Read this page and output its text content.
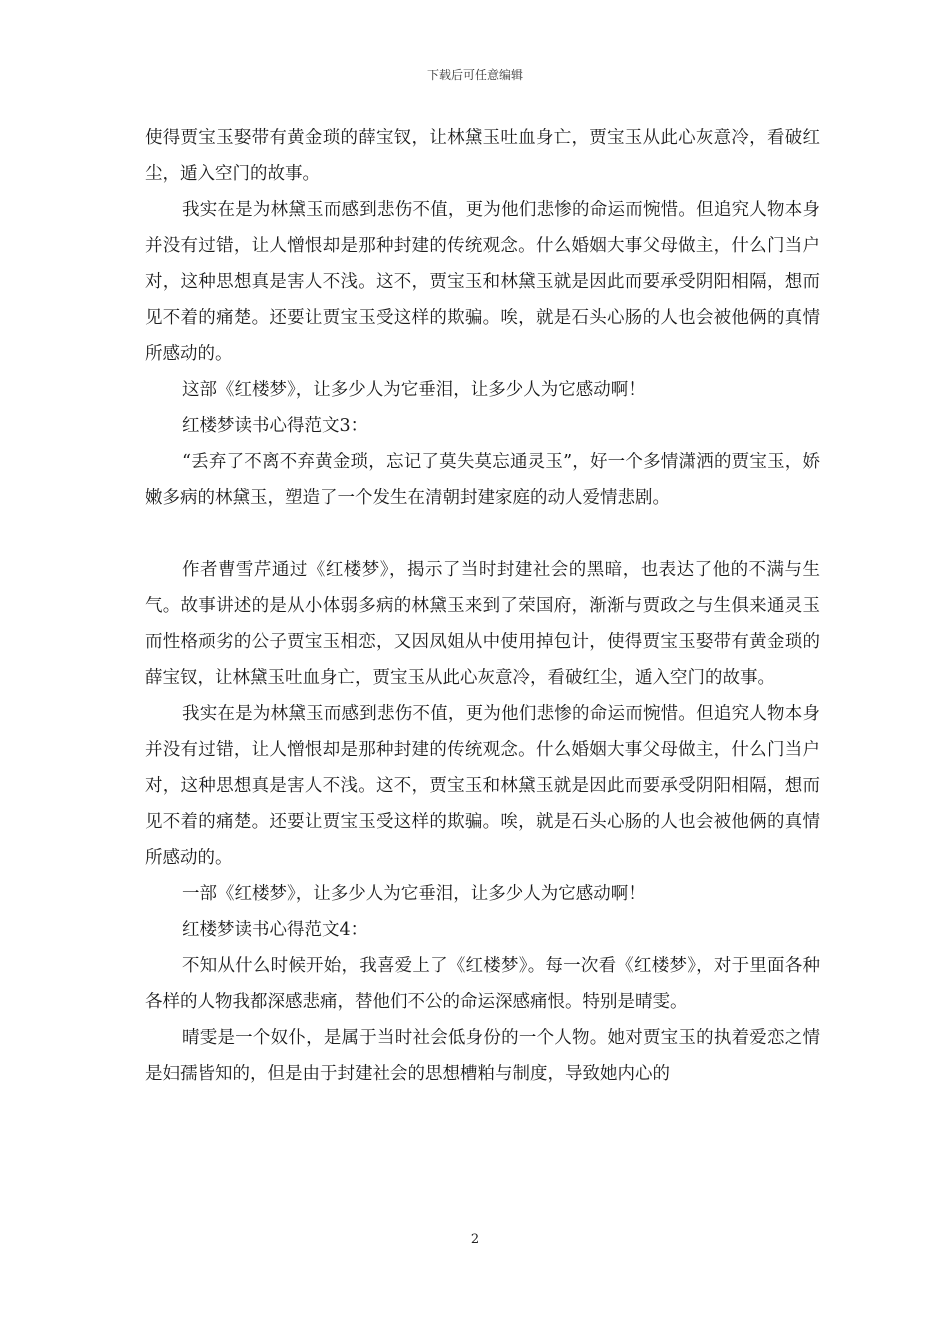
下载后可任意编辑

使得贾宝玉娶带有黄金琐的薛宝钗，让林黛玉吐血身亡，贾宝玉从此心灰意冷，看破红尘，遁入空门的故事。

我实在是为林黛玉而感到悲伤不值，更为他们悲惨的命运而惋惜。但追究人物本身并没有过错，让人憎恨却是那种封建的传统观念。什么婚姻大事父母做主，什么门当户对，这种思想真是害人不浅。这不，贾宝玉和林黛玉就是因此而要承受阴阳相隔，想而见不着的痛楚。还要让贾宝玉受这样的欺骗。唉，就是石头心肠的人也会被他俩的真情所感动的。

这部《红楼梦》，让多少人为它垂泪，让多少人为它感动啊！

红楼梦读书心得范文3：

“丢弃了不离不弃黄金琐，忘记了莫失莫忘通灵玉”，好一个多情潇洒的贾宝玉，娇嫩多病的林黛玉，塑造了一个发生在清朝封建家庭的动人爱情悲剧。

作者曹雪芹通过《红楼梦》，揭示了当时封建社会的黑暗，也表达了他的不满与生气。故事讲述的是从小体弱多病的林黛玉来到了荣国府，渐渐与贾政之与生俱来通灵玉而性格顽劣的公子贾宝玉相恋，又因凤姐从中使用掉包计，使得贾宝玉娶带有黄金琐的薛宝钗，让林黛玉吐血身亡，贾宝玉从此心灰意冷，看破红尘，遁入空门的故事。

我实在是为林黛玉而感到悲伤不值，更为他们悲惨的命运而惋惜。但追究人物本身并没有过错，让人憎恨却是那种封建的传统观念。什么婚姻大事父母做主，什么门当户对，这种思想真是害人不浅。这不，贾宝玉和林黛玉就是因此而要承受阴阳相隔，想而见不着的痛楚。还要让贾宝玉受这样的欺骗。唉，就是石头心肠的人也会被他俩的真情所感动的。

一部《红楼梦》，让多少人为它垂泪，让多少人为它感动啊！

红楼梦读书心得范文4：

不知从什么时候开始，我喜爱上了《红楼梦》。每一次看《红楼梦》，对于里面各种各样的人物我都深感悲痛，替他们不公的命运深感痛恨。特别是晴雯。

晴雯是一个奴仆，是属于当时社会低身份的一个人物。她对贾宝玉的执着爱恋之情是妇孺皆知的，但是由于封建社会的思想槽粕与制度，导致她内心的

2
